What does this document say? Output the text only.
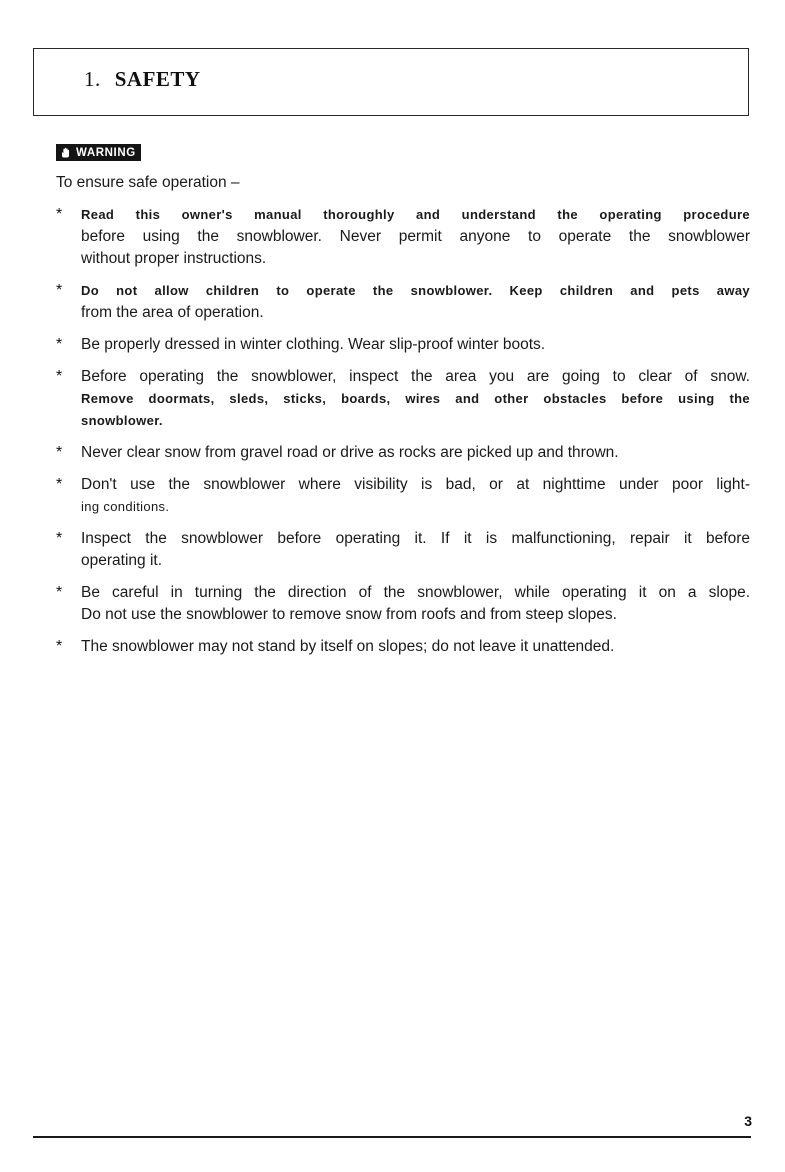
1. SAFETY
WARNING
To ensure safe operation –
*	Read this owner's manual thoroughly and understand the operating procedure
before using the snowblower. Never permit anyone to operate the snowblower
without proper instructions.
*	Do not allow children to operate the snowblower. Keep children and pets away
from the area of operation.
*	Be properly dressed in winter clothing. Wear slip-proof winter boots.
*	Before operating the snowblower, inspect the area you are going to clear of snow.
Remove doormats, sleds, sticks, boards, wires and other obstacles before using the
snowblower.
*	Never clear snow from gravel road or drive as rocks are picked up and thrown.
*	Don't use the snowblower where visibility is bad, or at nighttime under poor light-
ing conditions.
*	Inspect the snowblower before operating it. If it is malfunctioning, repair it before
operating it.
*	Be careful in turning the direction of the snowblower, while operating it on a slope.
Do not use the snowblower to remove snow from roofs and from steep slopes.
*	The snowblower may not stand by itself on slopes; do not leave it unattended.
3
